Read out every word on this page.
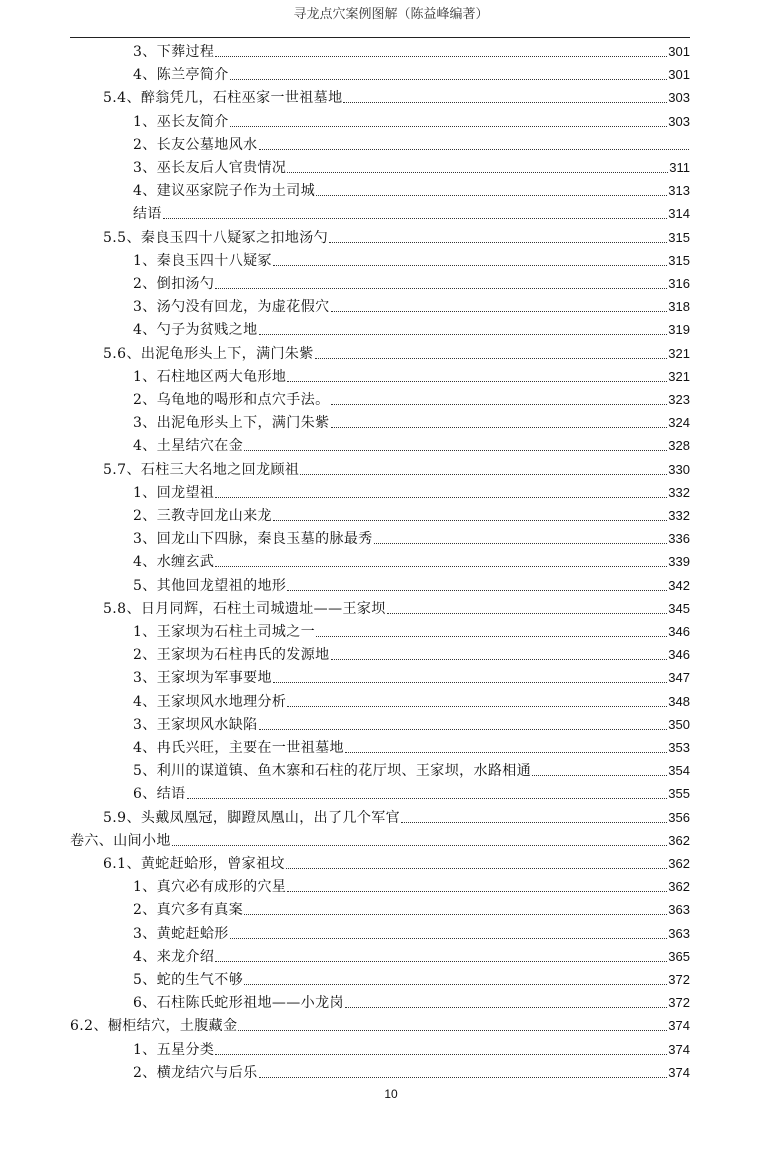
寻龙点穴案例图解（陈益峰编著）
3、下葬过程	301
4、陈兰亭简介	301
5.4、醉翁凭几，石柱巫家一世祖墓地	303
1、巫长友简介	303
2、长友公墓地风水
3、巫长友后人官贵情况	311
4、建议巫家院子作为土司城	313
结语	314
5.5、秦良玉四十八疑冢之扣地汤勺	315
1、秦良玉四十八疑冢	315
2、倒扣汤勺	316
3、汤勺没有回龙，为虚花假穴	318
4、勺子为贫贱之地	319
5.6、出泥龟形头上下，满门朱紫	321
1、石柱地区两大龟形地	321
2、乌龟地的喝形和点穴手法。	323
3、出泥龟形头上下，满门朱紫	324
4、土星结穴在金	328
5.7、石柱三大名地之回龙顾祖	330
1、回龙望祖	332
2、三教寺回龙山来龙	332
3、回龙山下四脉，秦良玉墓的脉最秀	336
4、水缠玄武	339
5、其他回龙望祖的地形	342
5.8、日月同辉，石柱土司城遗址——王家坝	345
1、王家坝为石柱土司城之一	346
2、王家坝为石柱冉氏的发源地	346
3、王家坝为军事要地	347
4、王家坝风水地理分析	348
3、王家坝风水缺陷	350
4、冉氏兴旺，主要在一世祖墓地	353
5、利川的谋道镇、鱼木寨和石柱的花厅坝、王家坝，水路相通	354
6、结语	355
5.9、头戴凤凰冠，脚蹬凤凰山，出了几个军官	356
卷六、山间小地	362
6.1、黄蛇赶蛤形，曾家祖坟	362
1、真穴必有成形的穴星	362
2、真穴多有真案	363
3、黄蛇赶蛤形	363
4、来龙介绍	365
5、蛇的生气不够	372
6、石柱陈氏蛇形祖地——小龙岗	372
6.2、橱柜结穴，土腹藏金	374
1、五星分类	374
2、横龙结穴与后乐	374
10
